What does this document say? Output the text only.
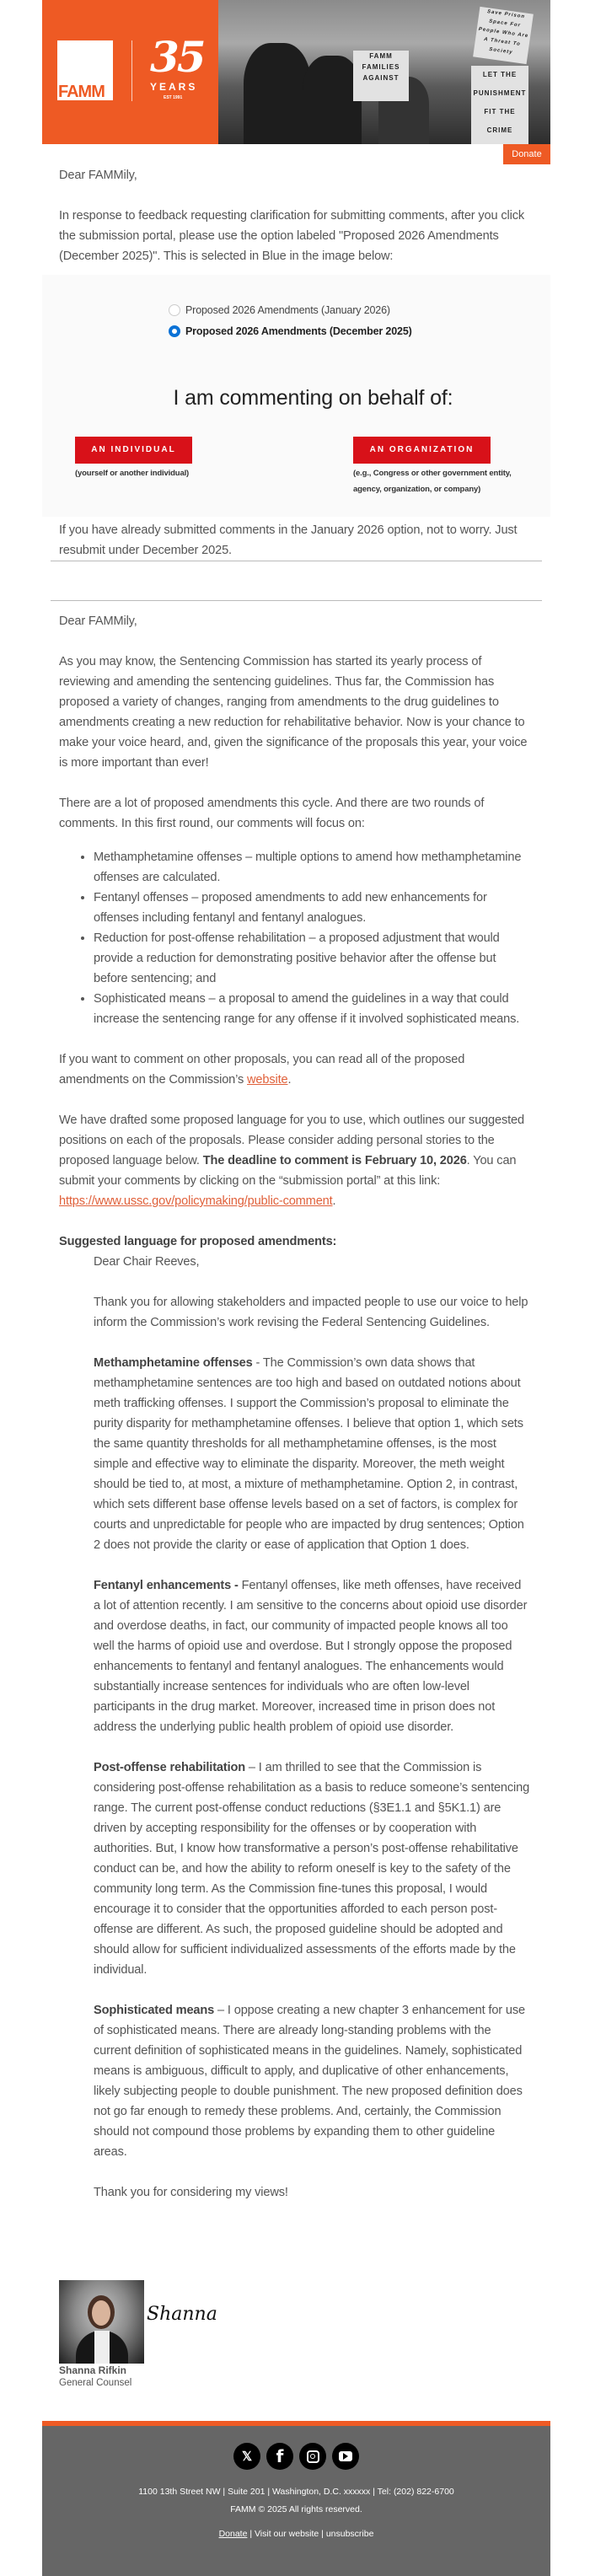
FAMM
35
YEARS
EST 1991
FAMM FAMILIES AGAINST	LET THE PUNISHMENT FIT THE CRIME
Save Prison Space For People Who Are A Threat To Society
Donate
Dear FAMMily,
In response to feedback requesting clarification for submitting comments, after you click the submission portal, please use the option labeled "Proposed 2026 Amendments (December 2025)". This is selected in Blue in the image below:
Proposed 2026 Amendments (January 2026)
Proposed 2026 Amendments (December 2025)
I am commenting on behalf of:
AN INDIVIDUAL
(yourself or another individual)
AN ORGANIZATION
(e.g., Congress or other government entity,
agency, organization, or company)
If you have already submitted comments in the January 2026 option, not to worry. Just resubmit under December 2025.
Dear FAMMily,
As you may know, the Sentencing Commission has started its yearly process of reviewing and amending the sentencing guidelines. Thus far, the Commission has proposed a variety of changes, ranging from amendments to the drug guidelines to amendments creating a new reduction for rehabilitative behavior. Now is your chance to make your voice heard, and, given the significance of the proposals this year, your voice is more important than ever!
There are a lot of proposed amendments this cycle. And there are two rounds of comments. In this first round, our comments will focus on:
• Methamphetamine offenses – multiple options to amend how methamphetamine offenses are calculated.
• Fentanyl offenses – proposed amendments to add new enhancements for offenses including fentanyl and fentanyl analogues.
• Reduction for post-offense rehabilitation – a proposed adjustment that would provide a reduction for demonstrating positive behavior after the offense but before sentencing; and
• Sophisticated means – a proposal to amend the guidelines in a way that could increase the sentencing range for any offense if it involved sophisticated means.
If you want to comment on other proposals, you can read all of the proposed amendments on the Commission’s website.
We have drafted some proposed language for you to use, which outlines our suggested positions on each of the proposals. Please consider adding personal stories to the proposed language below. The deadline to comment is February 10, 2026. You can submit your comments by clicking on the “submission portal” at this link: https://www.ussc.gov/policymaking/public-comment.
Suggested language for proposed amendments:
Dear Chair Reeves,
Thank you for allowing stakeholders and impacted people to use our voice to help inform the Commission’s work revising the Federal Sentencing Guidelines.
Methamphetamine offenses - The Commission’s own data shows that methamphetamine sentences are too high and based on outdated notions about meth trafficking offenses. I support the Commission’s proposal to eliminate the purity disparity for methamphetamine offenses. I believe that option 1, which sets the same quantity thresholds for all methamphetamine offenses, is the most simple and effective way to eliminate the disparity. Moreover, the meth weight should be tied to, at most, a mixture of methamphetamine. Option 2, in contrast, which sets different base offense levels based on a set of factors, is complex for courts and unpredictable for people who are impacted by drug sentences; Option 2 does not provide the clarity or ease of application that Option 1 does.
Fentanyl enhancements - Fentanyl offenses, like meth offenses, have received a lot of attention recently. I am sensitive to the concerns about opioid use disorder and overdose deaths, in fact, our community of impacted people knows all too well the harms of opioid use and overdose. But I strongly oppose the proposed enhancements to fentanyl and fentanyl analogues. The enhancements would substantially increase sentences for individuals who are often low-level participants in the drug market. Moreover, increased time in prison does not address the underlying public health problem of opioid use disorder.
Post-offense rehabilitation – I am thrilled to see that the Commission is considering post-offense rehabilitation as a basis to reduce someone’s sentencing range. The current post-offense conduct reductions (§3E1.1 and §5K1.1) are driven by accepting responsibility for the offenses or by cooperation with authorities. But, I know how transformative a person’s post-offense rehabilitative conduct can be, and how the ability to reform oneself is key to the safety of the community long term. As the Commission fine-tunes this proposal, I would encourage it to consider that the opportunities afforded to each person post-offense are different. As such, the proposed guideline should be adopted and should allow for sufficient individualized assessments of the efforts made by the individual.
Sophisticated means – I oppose creating a new chapter 3 enhancement for use of sophisticated means. There are already long-standing problems with the current definition of sophisticated means in the guidelines. Namely, sophisticated means is ambiguous, difficult to apply, and duplicative of other enhancements, likely subjecting people to double punishment. The new proposed definition does not go far enough to remedy these problems. And, certainly, the Commission should not compound those problems by expanding them to other guideline areas.
Thank you for considering my views!
Shanna
Shanna Rifkin
General Counsel
𝕏	f
1100 13th Street NW | Suite 201 | Washington, D.C. xxxxxx | Tel: (202) 822-6700
FAMM © 2025 All rights reserved.
Donate | Visit our website | unsubscribe
